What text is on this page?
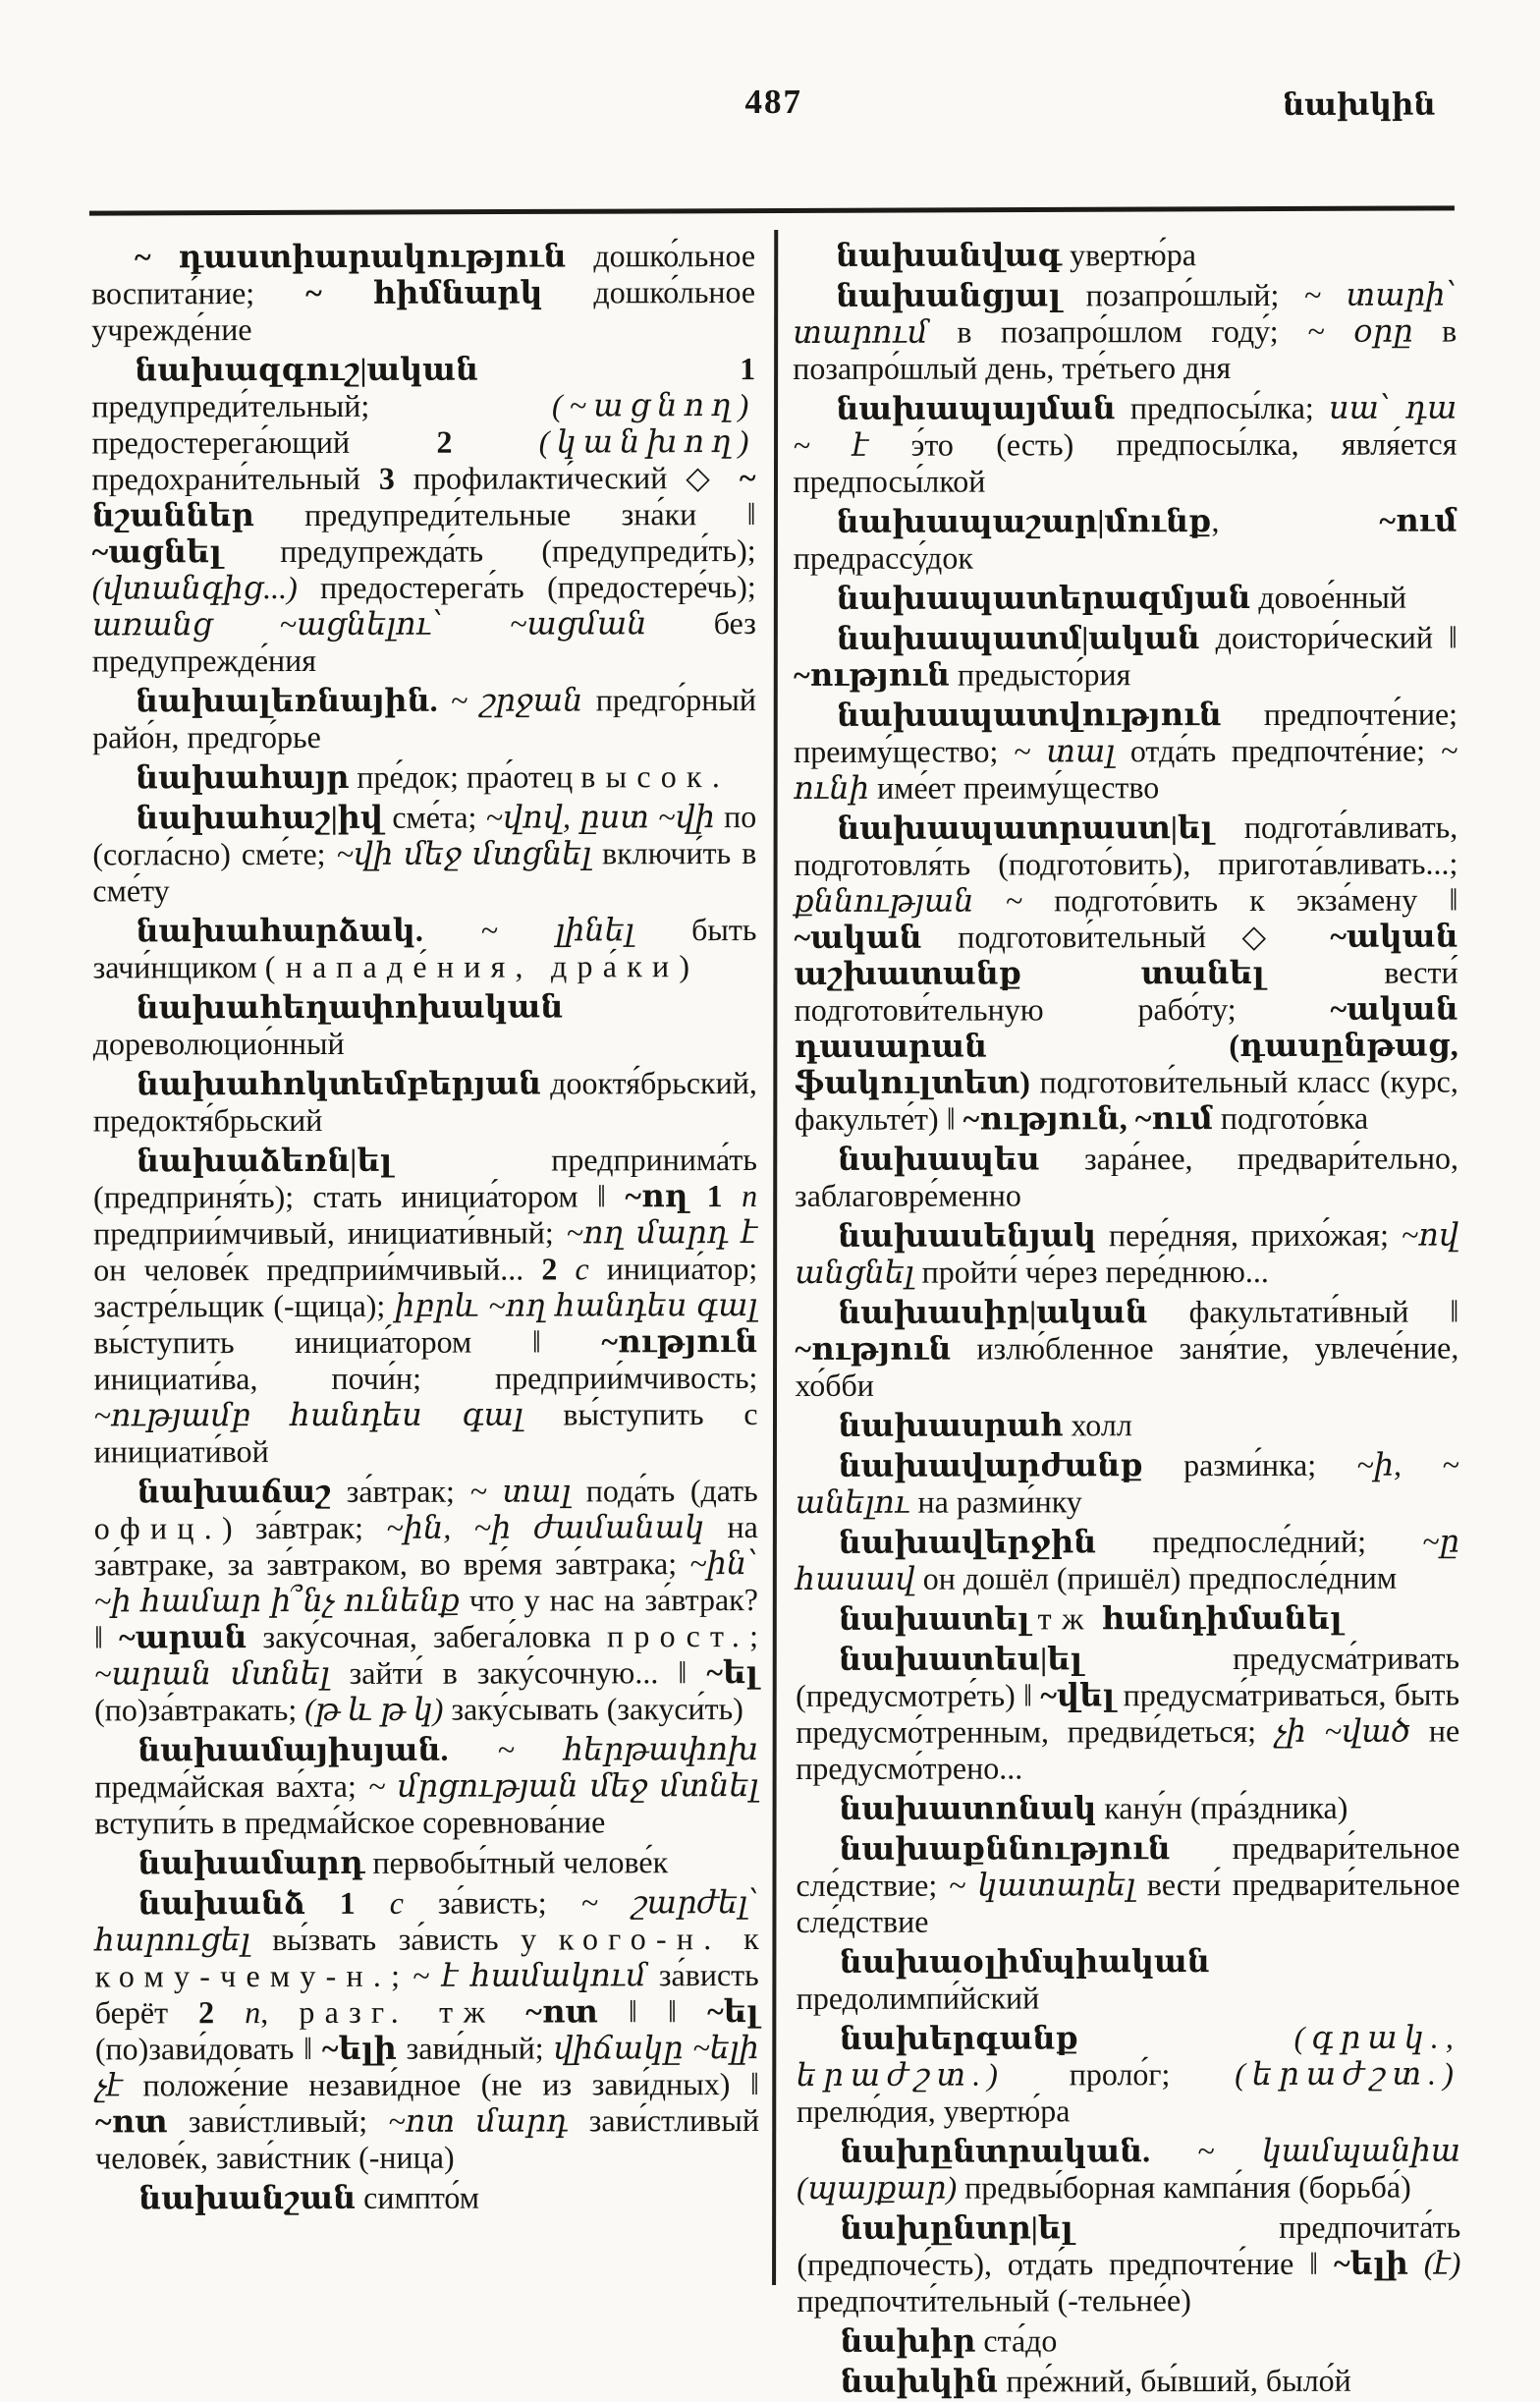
487	նախկին

~ դաստիարակություն дошко́льное воспита́ние; ~ հիմնարկ дошко́льное учрежде́ние

նախազգուշ|ական	1 предупреди́тельный; (~ացնող) предостерега́ющий 2	(կանխող) предохрани́тельный 3 профилакти́ческий ◇ ~ նշաններ предупреди́тельные зна́ки ‖ ~ացնել предупрежда́ть (предупреди́ть); (վտանգից...) предостерега́ть (предостере́чь); առանց ~ացնելու՝ ~ացման без предупрежде́ния

նախալեռնային. ~ շրջան предго́рный райо́н, предго́рье

նախահայր пре́док; пра́отец высок.

նախահաշ|իվ сме́та; ~վով, ըստ ~վի по (согла́сно) сме́те; ~վի մեջ մտցնել включи́ть в сме́ту

նախահարձակ. ~ լինել быть зачи́нщиком (нападе́ния, дра́ки)

նախահեղափոխական дореволюцио́нный

նախահոկտեմբերյան дооктя́брьский, предоктя́брьский

նախաձեռն|ել предпринима́ть (предприня́ть); стать инициа́тором ‖ ~ող 1 п предприи́мчивый, инициати́вный; ~ող մարդ է он челове́к предприи́мчивый... 2 с инициа́тор; застре́льщик (-щица); իբրև ~ող հանդես գալ вы́ступить инициа́тором ‖ ~ություն инициати́ва, почи́н; предприи́мчивость; ~ությամբ հանդես գալ вы́ступить с инициати́вой

նախաճաշ за́втрак; ~ տալ пода́ть (дать офиц.) за́втрак; ~ին, ~ի ժամանակ на за́втраке, за за́втраком, во вре́мя за́втрака; ~ին՝ ~ի համար ի՞նչ ունենք что у нас на за́втрак? ‖ ~արան заку́сочная, забега́ловка прост.; ~արան մտնել зайти́ в заку́сочную... ‖ ~ել (по)за́втракать; (թ և թ կ) заку́сывать (закуси́ть)

նախամայիսյան. ~ հերթափոխ предма́йская ва́хта; ~ մրցության մեջ մտնել вступи́ть в предма́йское соревнова́ние

նախամարդ первобы́тный челове́к

նախանձ 1 с за́висть; ~ շարժել՝ հարուցել вы́звать за́висть у кого-н. к кому-чему-н.; ~ է համակում за́висть берёт 2 п, разг. тж ~ոտ ‖ ‖ ~ել (по)зави́довать ‖ ~ելի зави́дный; վիճակը ~ելի չէ положе́ние незави́дное (не из зави́дных) ‖ ~ոտ зави́стливый; ~ոտ մարդ зави́стливый челове́к, зави́стник (-ница)

նախանշան симпто́м

նախանվագ увертю́ра

նախանցյալ позапро́шлый; ~ տարի՝ տարում в позапро́шлом году́; ~ օրը в позапро́шлый день, тре́тьего дня

նախապայման предпосы́лка; սա՝ դա ~ է э́то (есть) предпосы́лка, явля́ется предпосы́лкой

նախապաշար|մունք, ~ում предрассу́док

նախապատերազմյան довое́нный

նախապատմ|ական доистори́ческий ‖ ~ություն предысто́рия

նախապատվություն предпочте́ние; преиму́щество; ~ տալ отда́ть предпочте́ние; ~ ունի име́ет преиму́щество

նախապատրաստ|ել подгота́вливать, подготовля́ть (подгото́вить), пригота́вливать...; քննության ~ подгото́вить к экза́мену ‖ ~ական подготови́тельный ◇ ~ական աշխատանք տանել вести́ подготови́тельную рабо́ту; ~ական դասարան (դասընթաց, ֆակուլտետ) подготови́тельный класс (курс, факульте́т) ‖ ~ություն, ~ում подгото́вка

նախապես зара́нее, предвари́тельно, заблаговре́менно

նախասենյակ пере́дняя, прихо́жая; ~ով անցնել пройти́ че́рез пере́днюю...

նախասիր|ական факультати́вный ‖ ~ություն излю́бленное заня́тие, увлече́ние, хо́бби

նախասրահ холл

նախավարժանք разми́нка; ~ի, ~ անելու на разми́нку

նախավերջին предпосле́дний; ~ը հասավ он дошёл (пришёл) предпосле́дним

նախատել тж հանդիմանել

նախատես|ել предусма́тривать (предусмотре́ть) ‖ ~վել предусма́триваться, быть предусмо́тренным, предви́деться; չի ~ված не предусмо́трено...

նախատոնակ кану́н (пра́здника)

նախաքննություն предвари́тельное сле́дствие; ~ կատարել вести́ предвари́тельное сле́дствие

նախաօլիմպիական предолимпи́йский

նախերգանք	(գրակ., երաժշտ.) проло́г; (երաժշտ.) прелю́дия, увертю́ра

նախընտրական. ~ կամպանիա (պայքար) предвы́борная кампа́ния (борьба́)

նախընտր|ել предпочита́ть (предпоче́сть), отда́ть предпочте́ние ‖ ~ելի (է) предпочти́тельный (-тельне́е)

նախիր ста́до

նախկին пре́жний, бы́вший, было́й
